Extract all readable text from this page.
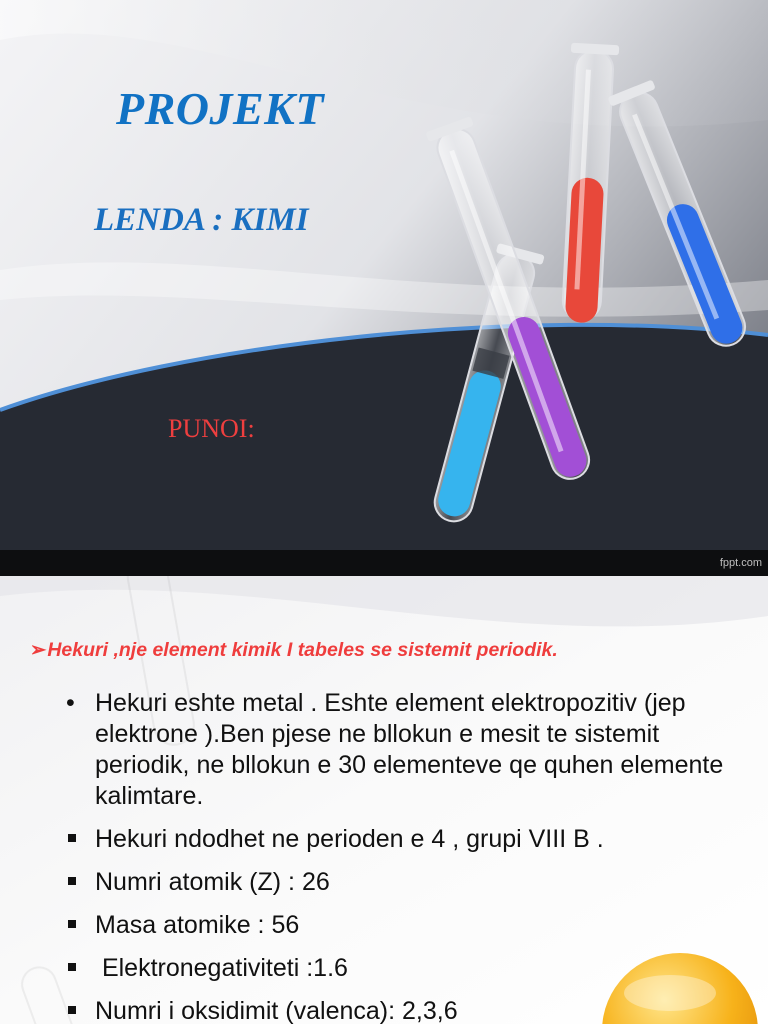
PROJEKT
LENDA : KIMI
PUNOI:
fppt.com

➢Hekuri ,nje element kimik I tabeles se sistemit periodik.

• Hekuri eshte metal . Eshte element elektropozitiv (jep elektrone ).Ben pjese ne bllokun e mesit te sistemit periodik, ne bllokun e 30 elementeve qe quhen elemente kalimtare.
Hekuri ndodhet ne perioden e 4 , grupi VIII B .
Numri atomik (Z) : 26
Masa atomike : 56
Elektronegativiteti :1.6
Numri i oksidimit (valenca): 2,3,6
